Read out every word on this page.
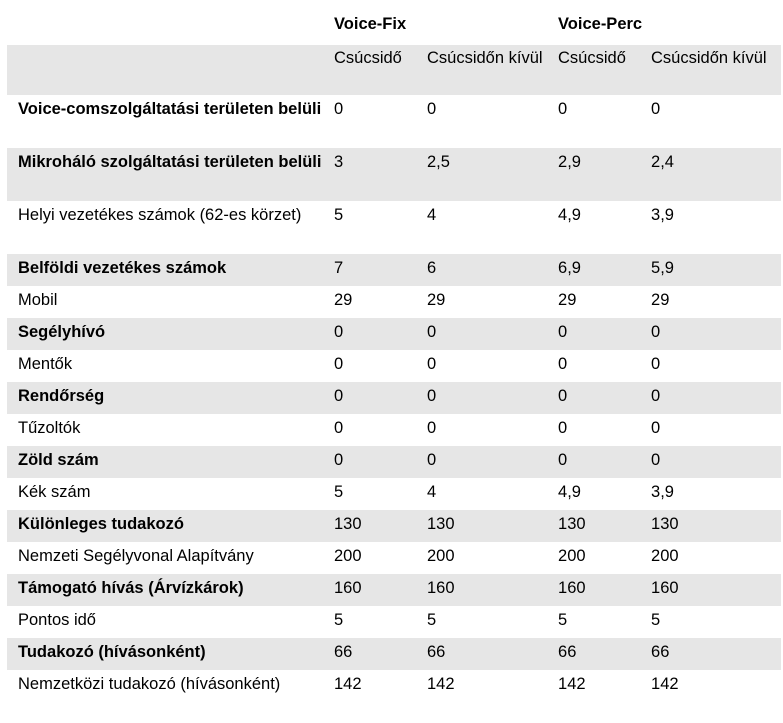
	Voice-Fix		Voice-Perc	
	Csúcsidő	Csúcsidőn kívül	Csúcsidő	Csúcsidőn kívül
Voice-comszolgáltatási területen belüli	0	0	0	0
Mikroháló szolgáltatási területen belüli	3	2,5	2,9	2,4
Helyi vezetékes számok (62-es körzet)	5	4	4,9	3,9
Belföldi vezetékes számok	7	6	6,9	5,9
Mobil	29	29	29	29
Segélyhívó	0	0	0	0
Mentők	0	0	0	0
Rendőrség	0	0	0	0
Tűzoltók	0	0	0	0
Zöld szám	0	0	0	0
Kék szám	5	4	4,9	3,9
Különleges tudakozó	130	130	130	130
Nemzeti Segélyvonal Alapítvány	200	200	200	200
Támogató hívás (Árvízkárok)	160	160	160	160
Pontos idő	5	5	5	5
Tudakozó (hívásonként)	66	66	66	66
Nemzetközi tudakozó (hívásonként)	142	142	142	142
